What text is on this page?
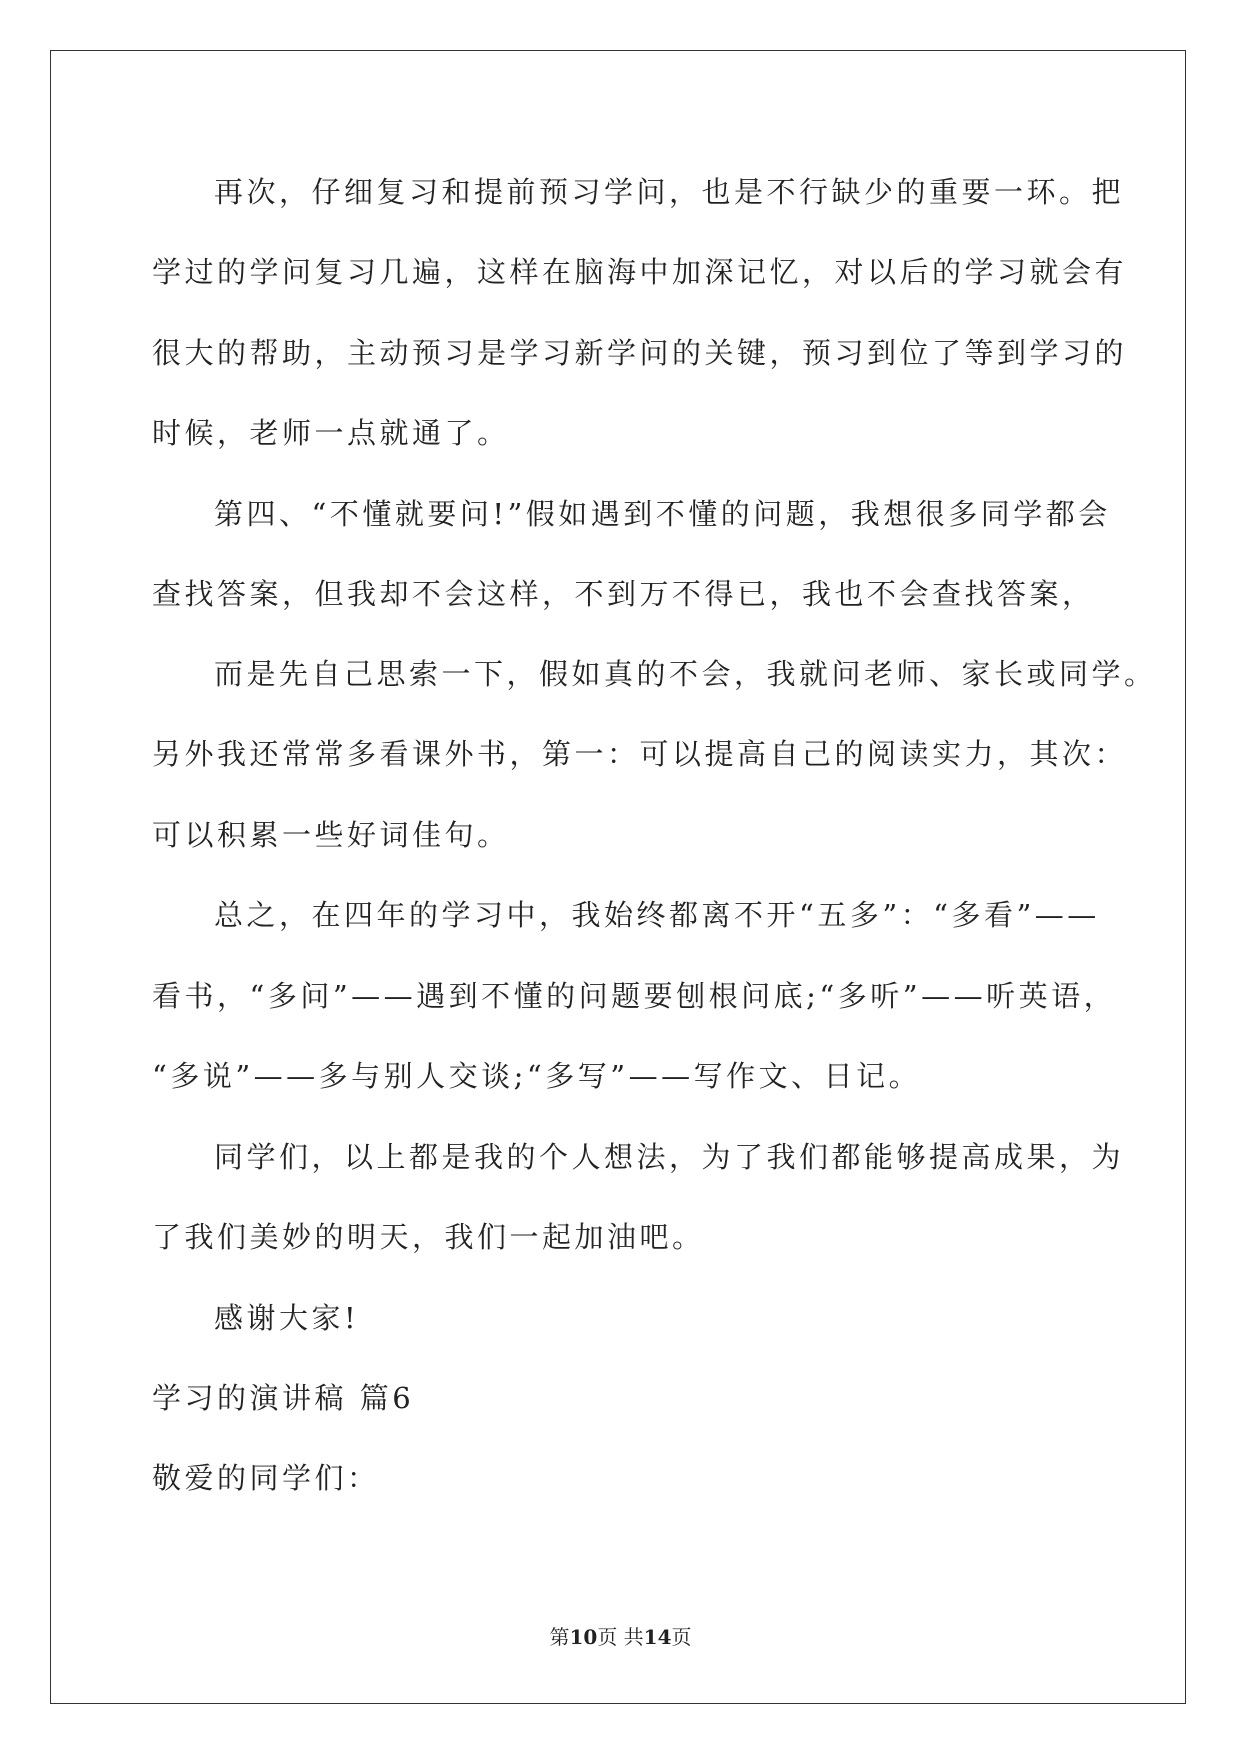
再次，仔细复习和提前预习学问，也是不行缺少的重要一环。把
学过的学问复习几遍，这样在脑海中加深记忆，对以后的学习就会有
很大的帮助，主动预习是学习新学问的关键，预习到位了等到学习的
时候，老师一点就通了。
第四、“不懂就要问!”假如遇到不懂的问题，我想很多同学都会
查找答案，但我却不会这样，不到万不得已，我也不会查找答案，
而是先自己思索一下，假如真的不会，我就问老师、家长或同学。
另外我还常常多看课外书，第一：可以提高自己的阅读实力，其次：
可以积累一些好词佳句。
总之，在四年的学习中，我始终都离不开“五多”：“多看”——
看书，“多问”——遇到不懂的问题要刨根问底;“多听”——听英语，
“多说”——多与别人交谈;“多写”——写作文、日记。
同学们，以上都是我的个人想法，为了我们都能够提高成果，为
了我们美妙的明天，我们一起加油吧。
感谢大家!
学习的演讲稿 篇6
敬爱的同学们：
第10页 共14页
